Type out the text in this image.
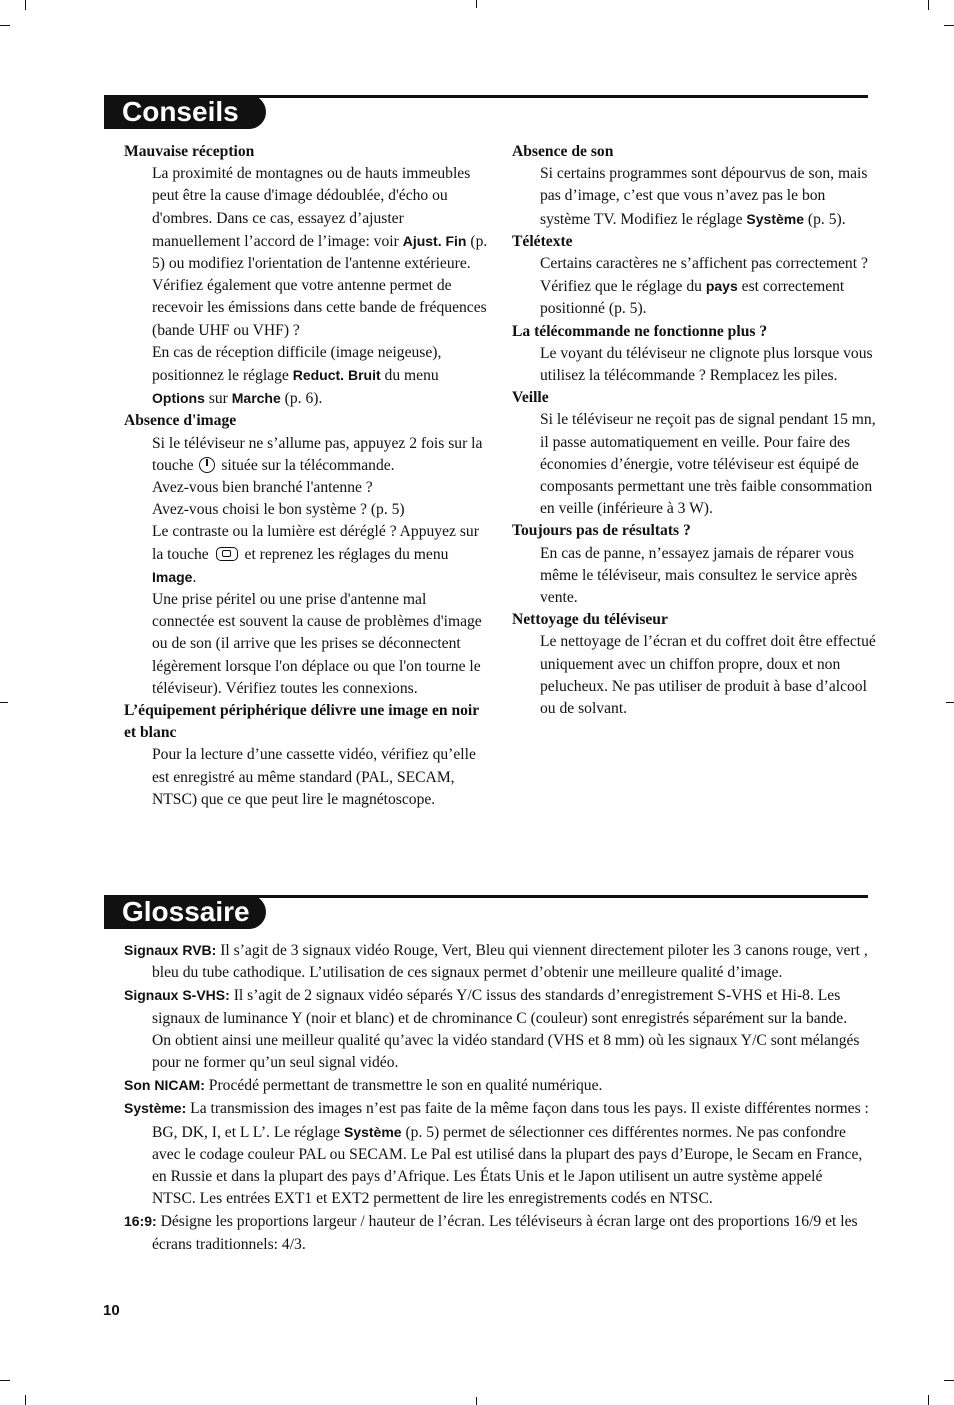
Conseils
Mauvaise réception

La proximité de montagnes ou de hauts immeubles peut être la cause d'image dédoublée, d'écho ou d'ombres. Dans ce cas, essayez d’ajuster manuellement l’accord de l’image: voir Ajust. Fin (p. 5) ou modifiez l'orientation de l'antenne extérieure.

Vérifiez également que votre antenne permet de recevoir les émissions dans cette bande de fréquences (bande UHF ou VHF) ?

En cas de réception difficile (image neigeuse), positionnez le réglage Reduct. Bruit du menu Options sur Marche (p. 6).

Absence d'image

Si le téléviseur ne s’allume pas, appuyez 2 fois sur la touche  située sur la télécommande.

Avez-vous bien branché l'antenne ?

Avez-vous choisi le bon système ? (p. 5)

Le contraste ou la lumière est déréglé ? Appuyez sur la touche  et reprenez les réglages du menu Image.

Une prise péritel ou une prise d'antenne mal connectée est souvent la cause de problèmes d'image ou de son (il arrive que les prises se déconnectent légèrement lorsque l'on déplace ou que l'on tourne le téléviseur). Vérifiez toutes les connexions.

L’équipement périphérique délivre une image en noir et blanc

Pour la lecture d’une cassette vidéo, vérifiez qu’elle est enregistré au même standard (PAL, SECAM, NTSC) que ce que peut lire le magnétoscope.

Absence de son

Si certains programmes sont dépourvus de son, mais pas d’image, c’est que vous n’avez pas le bon système TV. Modifiez le réglage Système (p. 5).

Télétexte

Certains caractères ne s’affichent pas correctement ? Vérifiez que le réglage du pays est correctement positionné (p. 5).

La télécommande ne fonctionne plus ?

Le voyant du téléviseur ne clignote plus lorsque vous utilisez la télécommande ? Remplacez les piles.

Veille

Si le téléviseur ne reçoit pas de signal pendant 15 mn, il passe automatiquement en veille. Pour faire des économies d’énergie, votre téléviseur est équipé de composants permettant une très faible consommation en veille (inférieure à 3 W).

Toujours pas de résultats ?

En cas de panne, n’essayez jamais de réparer vous même le téléviseur, mais consultez le service après vente.

Nettoyage du téléviseur

Le nettoyage de l’écran et du coffret doit être effectué uniquement avec un chiffon propre, doux et non pelucheux. Ne pas utiliser de produit à base d’alcool ou de solvant.

Glossaire

Signaux RVB: Il s’agit de 3 signaux vidéo Rouge, Vert, Bleu qui viennent directement piloter les 3 canons rouge, vert , bleu du tube cathodique. L’utilisation de ces signaux permet d’obtenir une meilleure qualité d’image.

Signaux S-VHS: Il s’agit de 2 signaux vidéo séparés Y/C issus des standards d’enregistrement S-VHS et Hi-8. Les signaux de luminance Y (noir et blanc) et de chrominance C (couleur) sont enregistrés séparément sur la bande. On obtient ainsi une meilleur qualité qu’avec la vidéo standard (VHS et 8 mm) où les signaux Y/C sont mélangés pour ne former qu’un seul signal vidéo.

Son NICAM: Procédé permettant de transmettre le son en qualité numérique.

Système: La transmission des images n’est pas faite de la même façon dans tous les pays. Il existe différentes normes : BG, DK, I, et L L’. Le réglage Système (p. 5) permet de sélectionner ces différentes normes. Ne pas confondre avec le codage couleur PAL ou SECAM. Le Pal est utilisé dans la plupart des pays d’Europe, le Secam en France, en Russie et dans la plupart des pays d’Afrique. Les États Unis et le Japon utilisent un autre système appelé NTSC. Les entrées EXT1 et EXT2 permettent de lire les enregistrements codés en NTSC.

16:9: Désigne les proportions largeur / hauteur de l’écran. Les téléviseurs à écran large ont des proportions 16/9 et les écrans traditionnels: 4/3.

10
